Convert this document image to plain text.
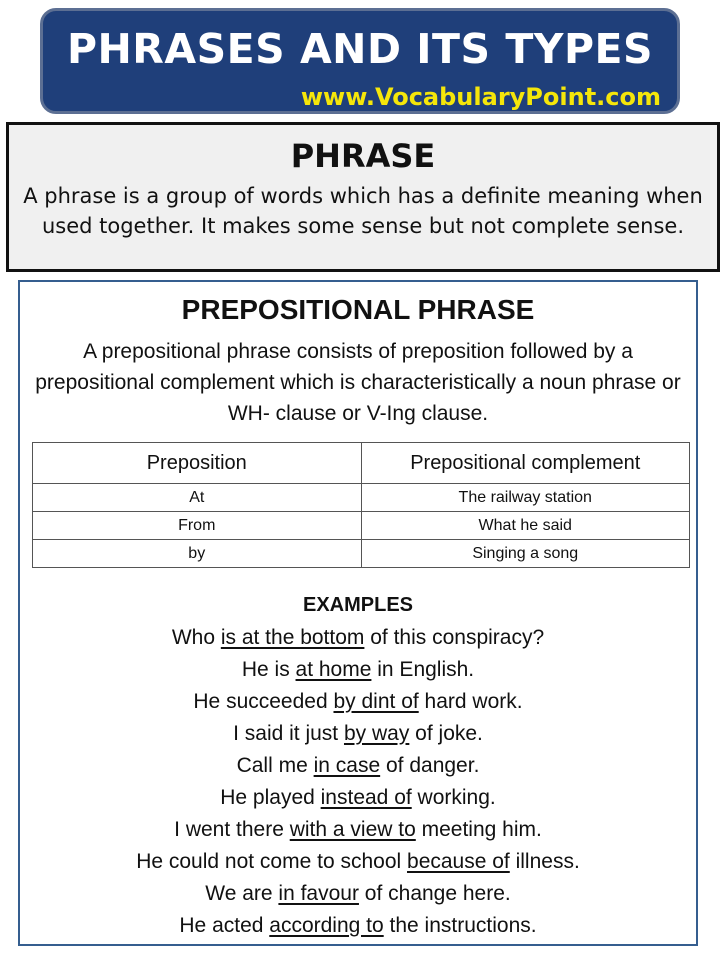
PHRASES AND ITS TYPES
www.VocabularyPoint.com
PHRASE
A phrase is a group of words which has a definite meaning when used together. It makes some sense but not complete sense.
PREPOSITIONAL PHRASE
A prepositional phrase consists of preposition followed by a prepositional complement which is characteristically a noun phrase or WH- clause or V-Ing clause.
Preposition	Prepositional complement
At	The railway station
From	What he said
by	Singing a song
EXAMPLES
Who is at the bottom of this conspiracy?
He is at home in English.
He succeeded by dint of hard work.
I said it just by way of joke.
Call me in case of danger.
He played instead of working.
I went there with a view to meeting him.
He could not come to school because of illness.
We are in favour of change here.
He acted according to the instructions.
